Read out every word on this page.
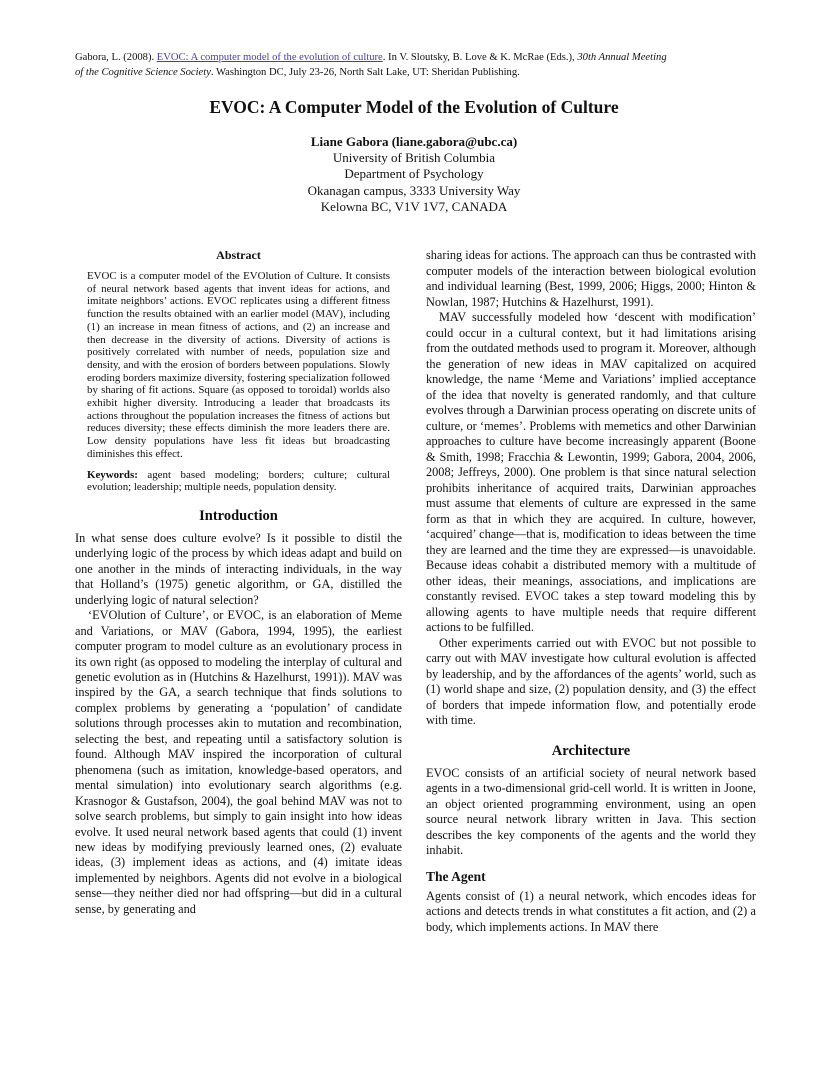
Gabora, L. (2008). EVOC: A computer model of the evolution of culture. In V. Sloutsky, B. Love & K. McRae (Eds.), 30th Annual Meeting
of the Cognitive Science Society. Washington DC, July 23-26, North Salt Lake, UT: Sheridan Publishing.
EVOC: A Computer Model of the Evolution of Culture
Liane Gabora (liane.gabora@ubc.ca)
University of British Columbia
Department of Psychology
Okanagan campus, 3333 University Way
Kelowna BC, V1V 1V7, CANADA
Abstract

EVOC is a computer model of the EVOlution of Culture. It consists of neural network based agents that invent ideas for actions, and imitate neighbors’ actions. EVOC replicates using a different fitness function the results obtained with an earlier model (MAV), including (1) an increase in mean fitness of actions, and (2) an increase and then decrease in the diversity of actions. Diversity of actions is positively correlated with number of needs, population size and density, and with the erosion of borders between populations. Slowly eroding borders maximize diversity, fostering specialization followed by sharing of fit actions. Square (as opposed to toroidal) worlds also exhibit higher diversity. Introducing a leader that broadcasts its actions throughout the population increases the fitness of actions but reduces diversity; these effects diminish the more leaders there are. Low density populations have less fit ideas but broadcasting diminishes this effect.

Keywords: agent based modeling; borders; culture; cultural evolution; leadership; multiple needs, population density.

Introduction

In what sense does culture evolve? Is it possible to distil the underlying logic of the process by which ideas adapt and build on one another in the minds of interacting individuals, in the way that Holland’s (1975) genetic algorithm, or GA, distilled the underlying logic of natural selection?

‘EVOlution of Culture’, or EVOC, is an elaboration of Meme and Variations, or MAV (Gabora, 1994, 1995), the earliest computer program to model culture as an evolutionary process in its own right (as opposed to modeling the interplay of cultural and genetic evolution as in (Hutchins & Hazelhurst, 1991)). MAV was inspired by the GA, a search technique that finds solutions to complex problems by generating a ‘population’ of candidate solutions through processes akin to mutation and recombination, selecting the best, and repeating until a satisfactory solution is found. Although MAV inspired the incorporation of cultural phenomena (such as imitation, knowledge-based operators, and mental simulation) into evolutionary search algorithms (e.g. Krasnogor & Gustafson, 2004), the goal behind MAV was not to solve search problems, but simply to gain insight into how ideas evolve. It used neural network based agents that could (1) invent new ideas by modifying previously learned ones, (2) evaluate ideas, (3) implement ideas as actions, and (4) imitate ideas implemented by neighbors. Agents did not evolve in a biological sense—they neither died nor had offspring—but did in a cultural sense, by generating and

sharing ideas for actions. The approach can thus be contrasted with computer models of the interaction between biological evolution and individual learning (Best, 1999, 2006; Higgs, 2000; Hinton & Nowlan, 1987; Hutchins & Hazelhurst, 1991).

MAV successfully modeled how ‘descent with modification’ could occur in a cultural context, but it had limitations arising from the outdated methods used to program it. Moreover, although the generation of new ideas in MAV capitalized on acquired knowledge, the name ‘Meme and Variations’ implied acceptance of the idea that novelty is generated randomly, and that culture evolves through a Darwinian process operating on discrete units of culture, or ‘memes’. Problems with memetics and other Darwinian approaches to culture have become increasingly apparent (Boone & Smith, 1998; Fracchia & Lewontin, 1999; Gabora, 2004, 2006, 2008; Jeffreys, 2000). One problem is that since natural selection prohibits inheritance of acquired traits, Darwinian approaches must assume that elements of culture are expressed in the same form as that in which they are acquired. In culture, however, ‘acquired’ change—that is, modification to ideas between the time they are learned and the time they are expressed—is unavoidable. Because ideas cohabit a distributed memory with a multitude of other ideas, their meanings, associations, and implications are constantly revised. EVOC takes a step toward modeling this by allowing agents to have multiple needs that require different actions to be fulfilled.

Other experiments carried out with EVOC but not possible to carry out with MAV investigate how cultural evolution is affected by leadership, and by the affordances of the agents’ world, such as (1) world shape and size, (2) population density, and (3) the effect of borders that impede information flow, and potentially erode with time.

Architecture

EVOC consists of an artificial society of neural network based agents in a two-dimensional grid-cell world. It is written in Joone, an object oriented programming environment, using an open source neural network library written in Java. This section describes the key components of the agents and the world they inhabit.

The Agent

Agents consist of (1) a neural network, which encodes ideas for actions and detects trends in what constitutes a fit action, and (2) a body, which implements actions. In MAV there
